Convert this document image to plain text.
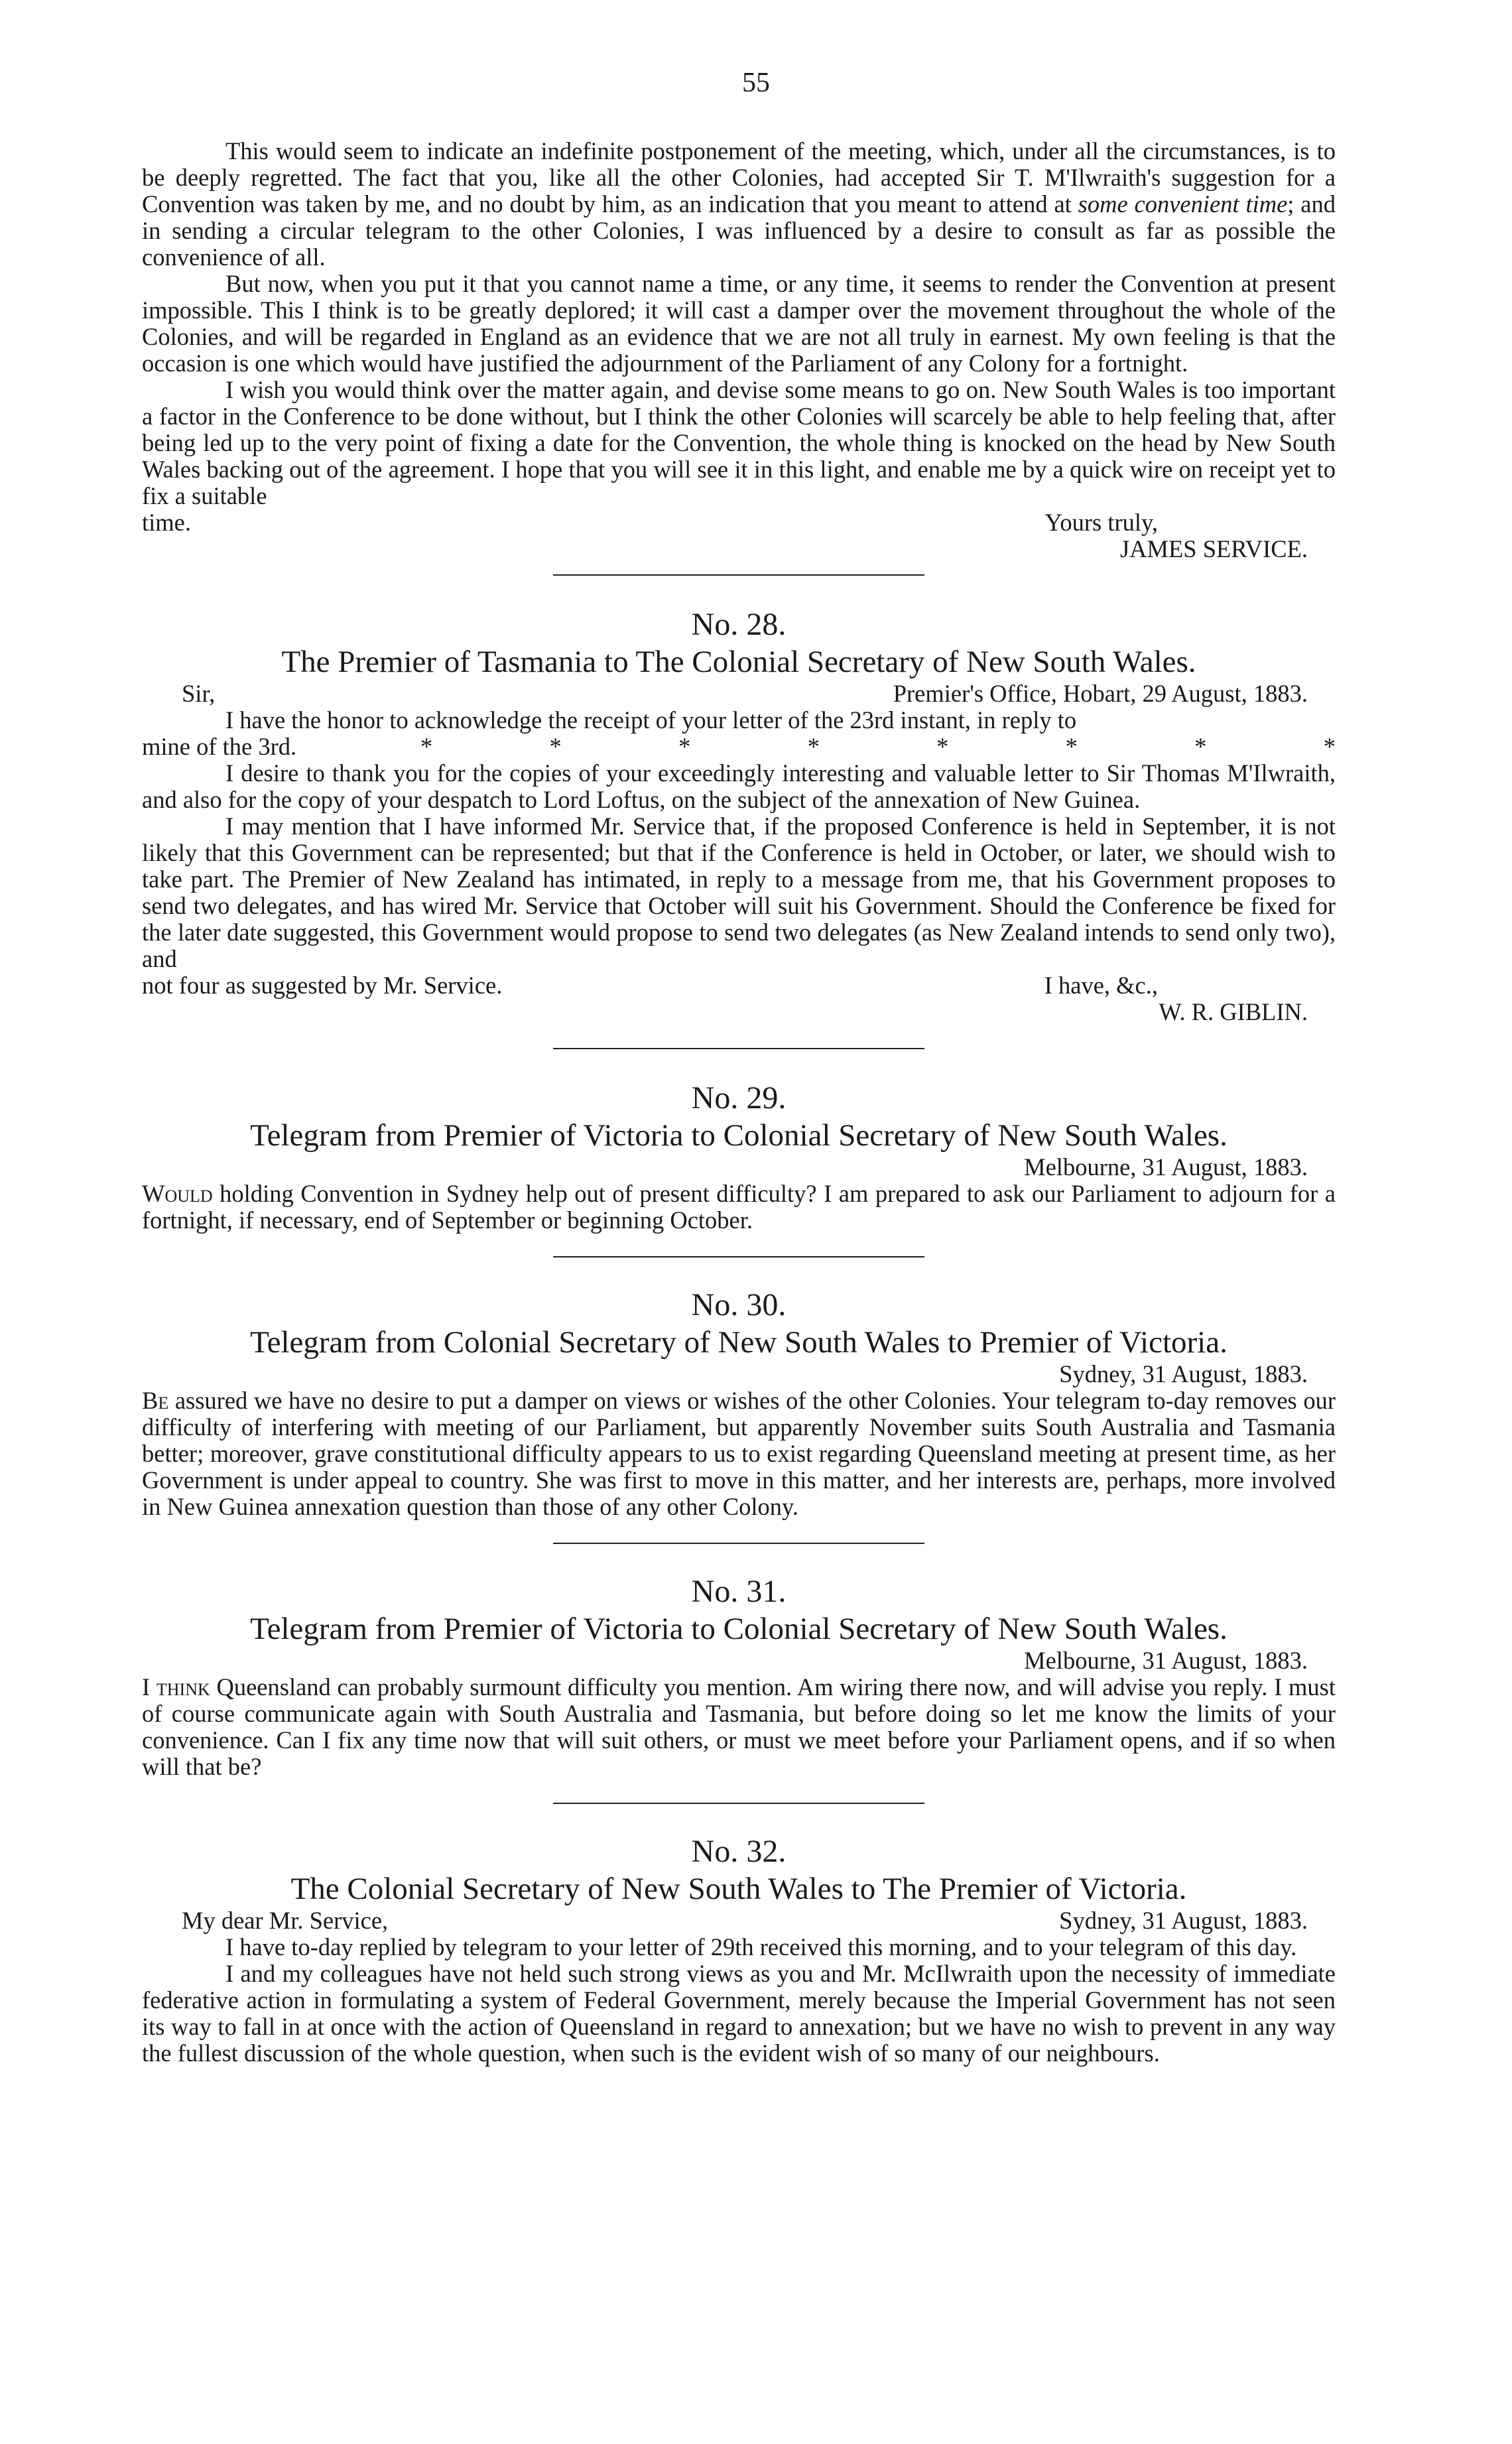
55

This would seem to indicate an indefinite postponement of the meeting, which, under all the circumstances, is to be deeply regretted. The fact that you, like all the other Colonies, had accepted Sir T. M'Ilwraith's suggestion for a Convention was taken by me, and no doubt by him, as an indication that you meant to attend at some convenient time; and in sending a circular telegram to the other Colonies, I was influenced by a desire to consult as far as possible the convenience of all.

But now, when you put it that you cannot name a time, or any time, it seems to render the Convention at present impossible. This I think is to be greatly deplored; it will cast a damper over the movement throughout the whole of the Colonies, and will be regarded in England as an evidence that we are not all truly in earnest. My own feeling is that the occasion is one which would have justified the adjournment of the Parliament of any Colony for a fortnight.

I wish you would think over the matter again, and devise some means to go on. New South Wales is too important a factor in the Conference to be done without, but I think the other Colonies will scarcely be able to help feeling that, after being led up to the very point of fixing a date for the Convention, the whole thing is knocked on the head by New South Wales backing out of the agreement. I hope that you will see it in this light, and enable me by a quick wire on receipt yet to fix a suitable

time.	Yours truly,

JAMES SERVICE.

No. 28.
The Premier of Tasmania to The Colonial Secretary of New South Wales.
Sir,	Premier's Office, Hobart, 29 August, 1883.

I have the honor to acknowledge the receipt of your letter of the 23rd instant, in reply to

mine of the 3rd.	*	*	*	*	*	*	*	*

I desire to thank you for the copies of your exceedingly interesting and valuable letter to Sir Thomas M'Ilwraith, and also for the copy of your despatch to Lord Loftus, on the subject of the annexation of New Guinea.

I may mention that I have informed Mr. Service that, if the proposed Conference is held in September, it is not likely that this Government can be represented; but that if the Conference is held in October, or later, we should wish to take part. The Premier of New Zealand has intimated, in reply to a message from me, that his Government proposes to send two delegates, and has wired Mr. Service that October will suit his Government. Should the Conference be fixed for the later date suggested, this Government would propose to send two delegates (as New Zealand intends to send only two), and

not four as suggested by Mr. Service.	I have, &c.,

W. R. GIBLIN.

No. 29.
Telegram from Premier of Victoria to Colonial Secretary of New South Wales.

Melbourne, 31 August, 1883.

Would holding Convention in Sydney help out of present difficulty? I am prepared to ask our Parliament to adjourn for a fortnight, if necessary, end of September or beginning October.

No. 30.
Telegram from Colonial Secretary of New South Wales to Premier of Victoria.

Sydney, 31 August, 1883.

Be assured we have no desire to put a damper on views or wishes of the other Colonies. Your telegram to-day removes our difficulty of interfering with meeting of our Parliament, but apparently November suits South Australia and Tasmania better; moreover, grave constitutional difficulty appears to us to exist regarding Queensland meeting at present time, as her Government is under appeal to country. She was first to move in this matter, and her interests are, perhaps, more involved in New Guinea annexation question than those of any other Colony.

No. 31.
Telegram from Premier of Victoria to Colonial Secretary of New South Wales.

Melbourne, 31 August, 1883.

I think Queensland can probably surmount difficulty you mention. Am wiring there now, and will advise you reply. I must of course communicate again with South Australia and Tasmania, but before doing so let me know the limits of your convenience. Can I fix any time now that will suit others, or must we meet before your Parliament opens, and if so when will that be?

No. 32.
The Colonial Secretary of New South Wales to The Premier of Victoria.
My dear Mr. Service,	Sydney, 31 August, 1883.

I have to-day replied by telegram to your letter of 29th received this morning, and to your telegram of this day.

I and my colleagues have not held such strong views as you and Mr. McIlwraith upon the necessity of immediate federative action in formulating a system of Federal Government, merely because the Imperial Government has not seen its way to fall in at once with the action of Queensland in regard to annexation; but we have no wish to prevent in any way the fullest discussion of the whole question, when such is the evident wish of so many of our neighbours.
